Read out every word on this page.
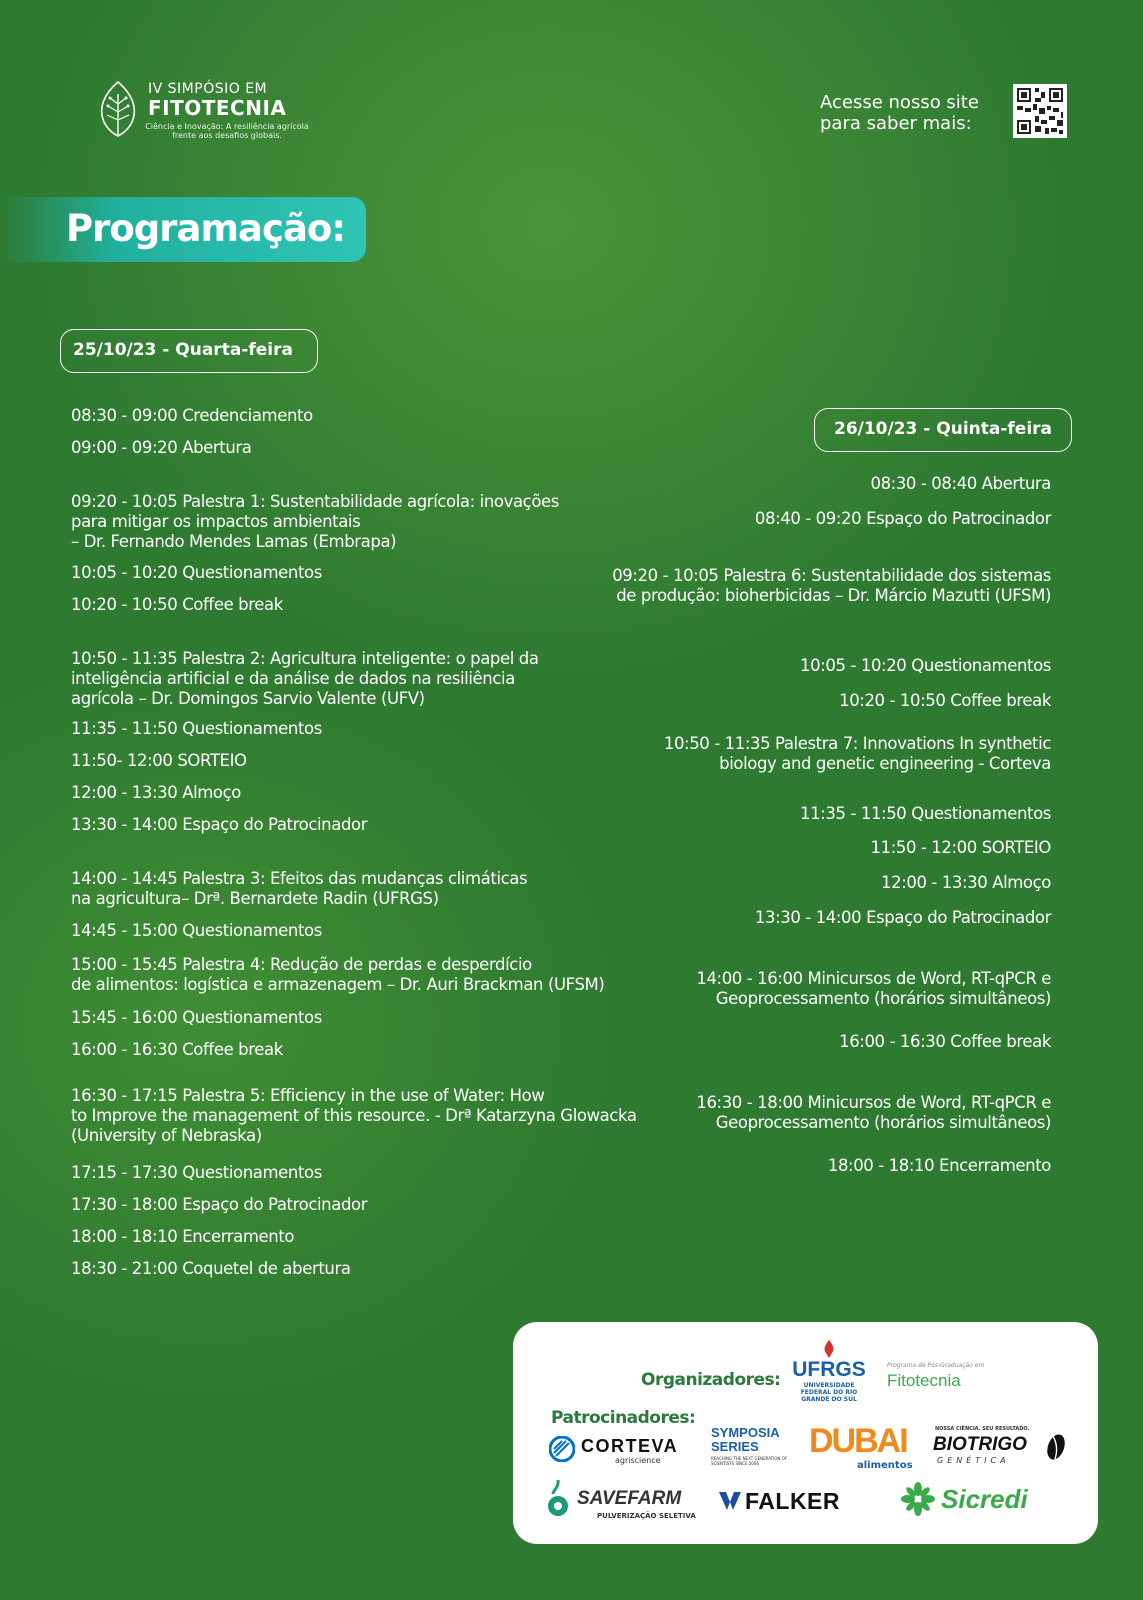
IV SIMPÓSIO EM
FITOTECNIA
Ciência e Inovação: A resiliência agrícola frente aos desafios globais.
Acesse nosso site para saber mais:
Programação:
25/10/23 - Quarta-feira
26/10/23 - Quinta-feira
08:30 - 09:00 Credenciamento
09:00 - 09:20 Abertura
09:20 - 10:05 Palestra 1: Sustentabilidade agrícola: inovações
para mitigar os impactos ambientais
– Dr. Fernando Mendes Lamas (Embrapa)
10:05 - 10:20 Questionamentos
10:20 - 10:50 Coffee break
10:50 - 11:35 Palestra 2: Agricultura inteligente: o papel da
inteligência artificial e da análise de dados na resiliência
agrícola – Dr. Domingos Sarvio Valente (UFV)
11:35 - 11:50 Questionamentos
11:50- 12:00 SORTEIO
12:00 - 13:30 Almoço
13:30 - 14:00 Espaço do Patrocinador
14:00 - 14:45 Palestra 3: Efeitos das mudanças climáticas
na agricultura– Drª. Bernardete Radin (UFRGS)
14:45 - 15:00 Questionamentos
15:00 - 15:45 Palestra 4: Redução de perdas e desperdício
de alimentos: logística e armazenagem – Dr. Auri Brackman (UFSM)
15:45 - 16:00 Questionamentos
16:00 - 16:30 Coffee break
16:30 - 17:15 Palestra 5: Efficiency in the use of Water: How
to Improve the management of this resource. - Drª Katarzyna Glowacka
(University of Nebraska)
17:15 - 17:30 Questionamentos
17:30 - 18:00 Espaço do Patrocinador
18:00 - 18:10 Encerramento
18:30 - 21:00 Coquetel de abertura
08:30 - 08:40 Abertura
08:40 - 09:20 Espaço do Patrocinador
09:20 - 10:05 Palestra 6: Sustentabilidade dos sistemas
de produção: bioherbicidas – Dr. Márcio Mazutti (UFSM)
10:05 - 10:20 Questionamentos
10:20 - 10:50 Coffee break
10:50 - 11:35 Palestra 7: Innovations In synthetic
biology and genetic engineering - Corteva
11:35 - 11:50 Questionamentos
11:50 - 12:00 SORTEIO
12:00 - 13:30 Almoço
13:30 - 14:00 Espaço do Patrocinador
14:00 - 16:00 Minicursos de Word, RT-qPCR e
Geoprocessamento (horários simultâneos)
16:00 - 16:30 Coffee break
16:30 - 18:00 Minicursos de Word, RT-qPCR e
Geoprocessamento (horários simultâneos)
18:00 - 18:10 Encerramento
Organizadores: UFRGS
UNIVERSIDADE FEDERAL DO RIO GRANDE DO SUL
Programa de Pós-Graduação em
Fitotecnia
Patrocinadores:
CORTEVA
agriscience
SYMPOSIA SERIES
REACHING THE NEXT GENERATION OF SCIENTISTS SINCE 2006
DUBAI
alimentos
NOSSA CIÊNCIA. SEU RESULTADO.
BIOTRIGO
GENÉTICA
SAVEFARM
PULVERIZAÇÃO SELETIVA
FALKER	Sicredi
